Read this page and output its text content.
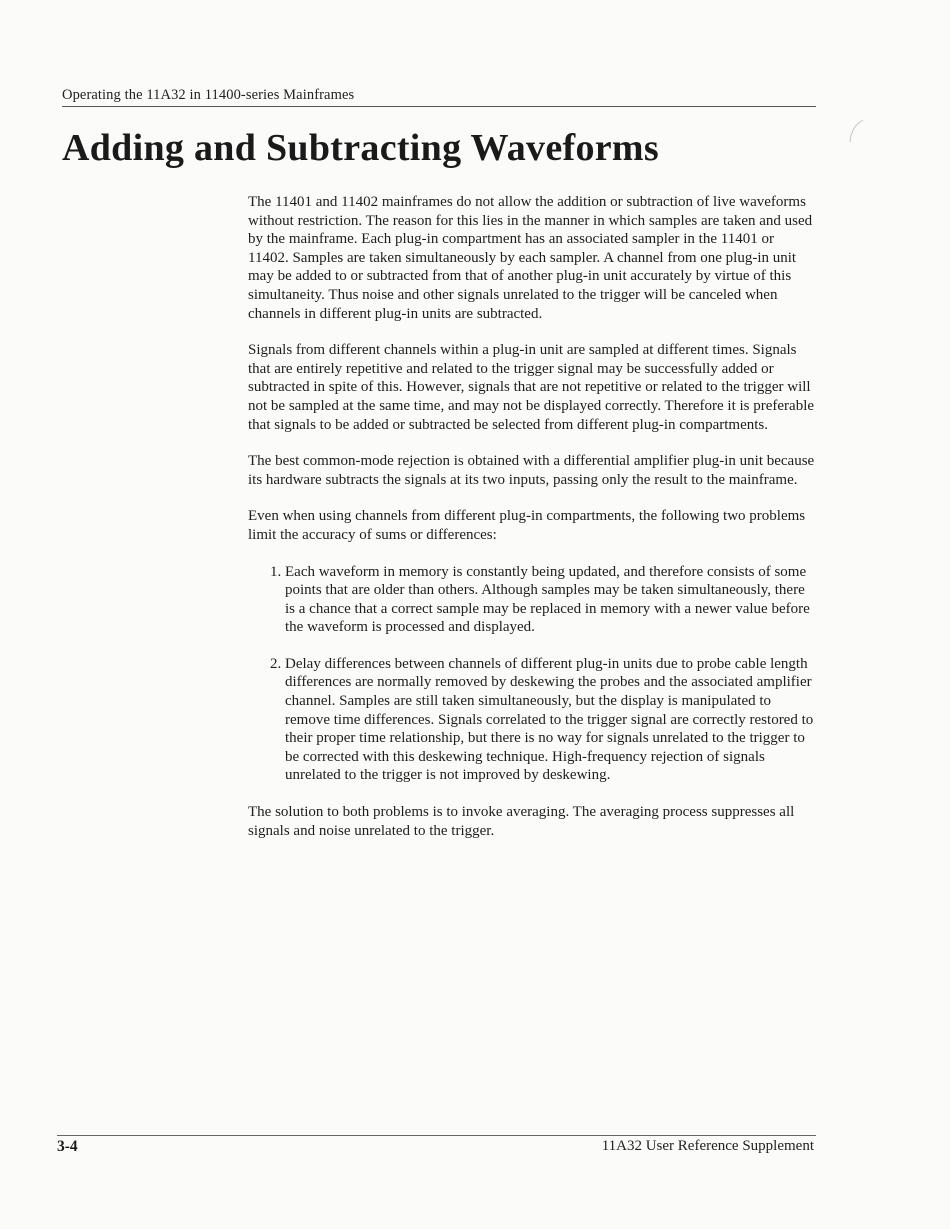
Operating the 11A32 in 11400-series Mainframes
Adding and Subtracting Waveforms

The 11401 and 11402 mainframes do not allow the addition or subtraction of live waveforms without restriction. The reason for this lies in the manner in which samples are taken and used by the mainframe. Each plug-in compartment has an associated sampler in the 11401 or 11402. Samples are taken simultaneously by each sampler. A channel from one plug-in unit may be added to or subtracted from that of another plug-in unit accurately by virtue of this simultaneity. Thus noise and other signals unrelated to the trigger will be canceled when channels in different plug-in units are subtracted.

Signals from different channels within a plug-in unit are sampled at different times. Signals that are entirely repetitive and related to the trigger signal may be successfully added or subtracted in spite of this. However, signals that are not repetitive or related to the trigger will not be sampled at the same time, and may not be displayed correctly. Therefore it is preferable that signals to be added or subtracted be selected from different plug-in compartments.

The best common-mode rejection is obtained with a differential amplifier plug-in unit because its hardware subtracts the signals at its two inputs, passing only the result to the mainframe.

Even when using channels from different plug-in compartments, the following two problems limit the accuracy of sums or differences:

1. Each waveform in memory is constantly being updated, and therefore consists of some points that are older than others. Although samples may be taken simultaneously, there is a chance that a correct sample may be replaced in memory with a newer value before the waveform is processed and displayed.
2. Delay differences between channels of different plug-in units due to probe cable length differences are normally removed by deskewing the probes and the associated amplifier channel. Samples are still taken simultaneously, but the display is manipulated to remove time differences. Signals correlated to the trigger signal are correctly restored to their proper time relationship, but there is no way for signals unrelated to the trigger to be corrected with this deskewing technique. High-frequency rejection of signals unrelated to the trigger is not improved by deskewing.

The solution to both problems is to invoke averaging. The averaging process suppresses all signals and noise unrelated to the trigger.

3-4	11A32 User Reference Supplement
